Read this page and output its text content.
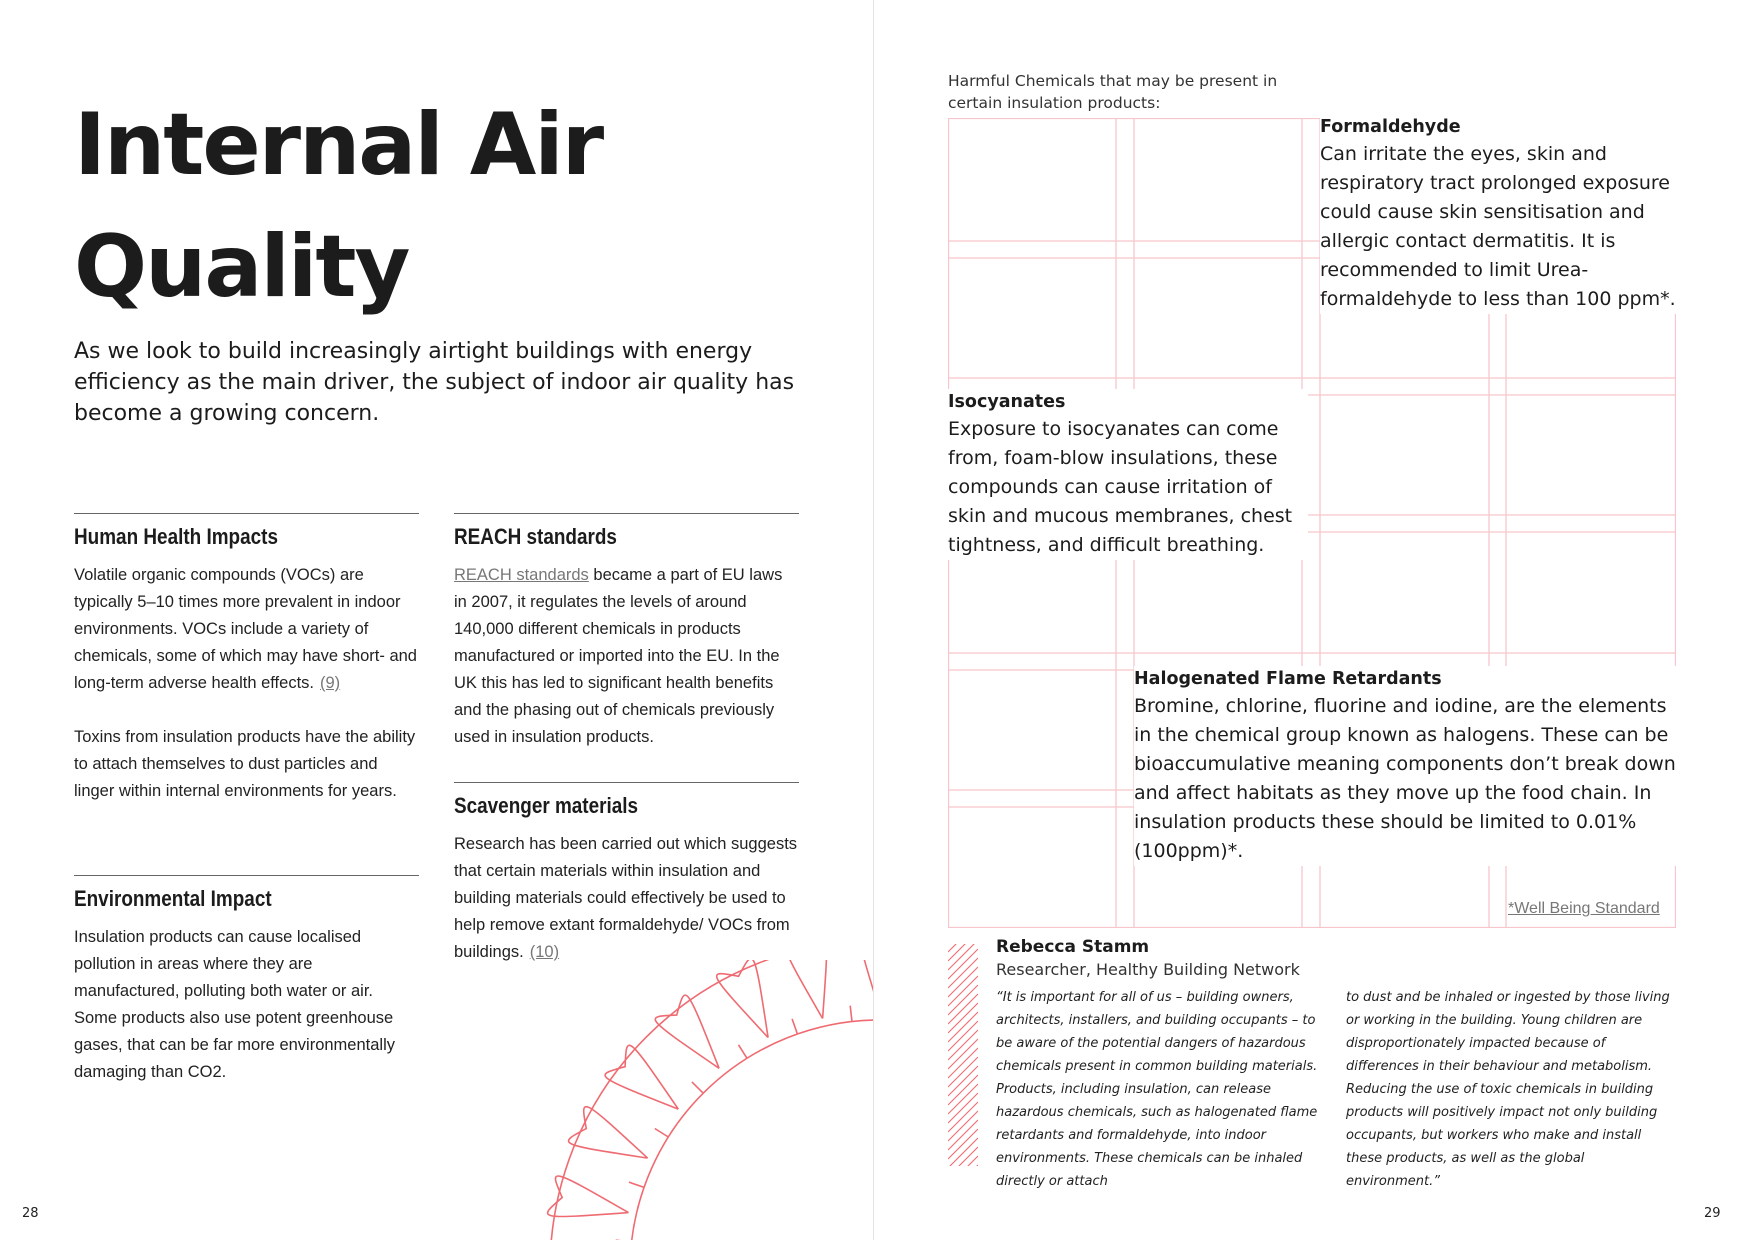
Internal Air
Quality

As we look to build increasingly airtight buildings with energy efficiency as the main driver, the subject of indoor air quality has become a growing concern.

Human Health Impacts

Volatile organic compounds (VOCs) are typically 5–10 times more prevalent in indoor environments. VOCs include a variety of chemicals, some of which may have short- and long-term adverse health effects. (9)

Toxins from insulation products have the ability to attach themselves to dust particles and linger within internal environments for years.

Environmental Impact

Insulation products can cause localised pollution in areas where they are manufactured, polluting both water or air. Some products also use potent greenhouse gases, that can be far more environmentally damaging than CO2.

REACH standards

REACH standards became a part of EU laws in 2007, it regulates the levels of around 140,000 different chemicals in products manufactured or imported into the EU. In the UK this has led to significant health benefits and the phasing out of chemicals previously used in insulation products.

Scavenger materials

Research has been carried out which suggests that certain materials within insulation and building materials could effectively be used to help remove extant formaldehyde/ VOCs from buildings. (10)

28

Harmful Chemicals that may be present in certain insulation products:

Formaldehyde

Can irritate the eyes, skin and respiratory tract prolonged exposure could cause skin sensitisation and allergic contact dermatitis. It is recommended to limit Urea-formaldehyde to less than 100 ppm*.

Isocyanates

Exposure to isocyanates can come from, foam-blow insulations, these compounds can cause irritation of skin and mucous membranes, chest tightness, and difficult breathing.

Halogenated Flame Retardants

Bromine, chlorine, fluorine and iodine, are the elements in the chemical group known as halogens. These can be bioaccumulative meaning components don’t break down and affect habitats as they move up the food chain. In insulation products these should be limited to 0.01% (100ppm)*.

*Well Being Standard
Rebecca Stamm
Researcher, Healthy Building Network

“It is important for all of us – building owners, architects, installers, and building occupants – to be aware of the potential dangers of hazardous chemicals present in common building materials. Products, including insulation, can release hazardous chemicals, such as halogenated flame retardants and formaldehyde, into indoor environments. These chemicals can be inhaled directly or attach

to dust and be inhaled or ingested by those living or working in the building. Young children are disproportionately impacted because of differences in their behaviour and metabolism. Reducing the use of toxic chemicals in building products will positively impact not only building occupants, but workers who make and install these products, as well as the global environment.”

29
